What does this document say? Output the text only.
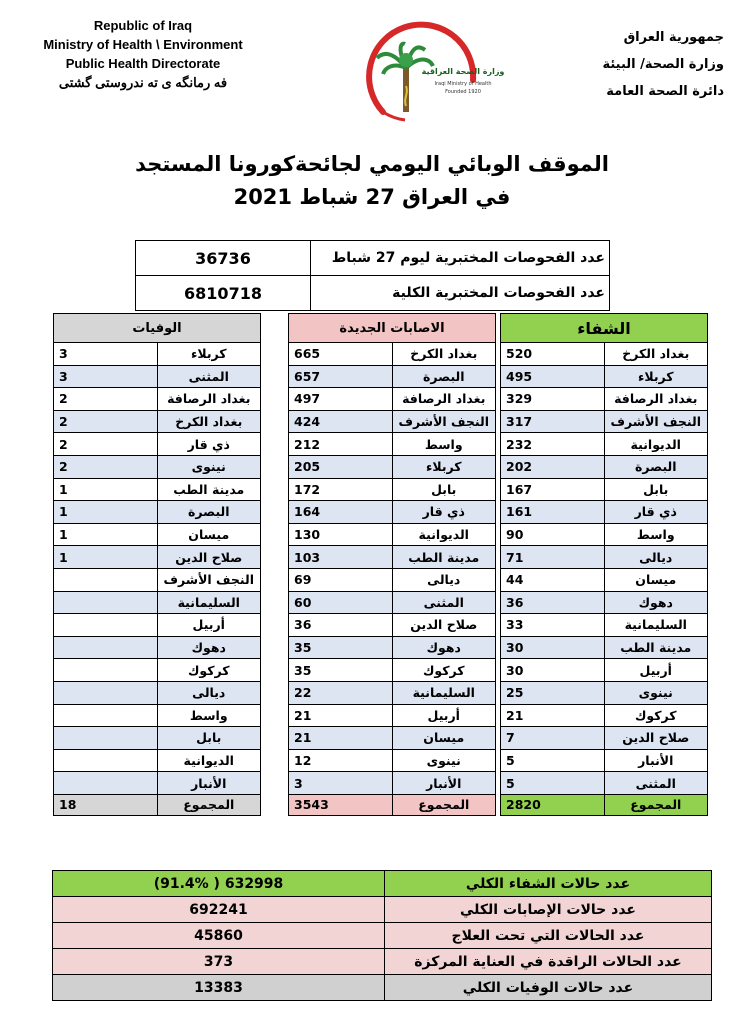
Republic of Iraq
Ministry of Health \ Environment
Public Health Directorate
فه رمانگه ی ته ندروستی گشتی
وزارة الصحة العراقية
Iraqi Ministry of Health
Founded 1920
جمهورية العراق
وزارة الصحة/ البيئة
دائرة الصحة العامة
الموقف الوبائي اليومي لجائحةكورونا المستجد
في العراق 27 شباط 2021
36736	عدد الفحوصات المختبرية ليوم 27 شباط
6810718	عدد الفحوصات المختبرية الكلية
الوفيات	
3	كربلاء
3	المثنى
2	بغداد الرصافة
2	بغداد الكرخ
2	ذي قار
2	نينوى
1	مدينة الطب
1	البصرة
1	ميسان
1	صلاح الدين
	النجف الأشرف
	السليمانية
	أربيل
	دهوك
	كركوك
	ديالى
	واسط
	بابل
	الديوانية
	الأنبار
18	المجموع
الاصابات الجديدة	
665	بغداد الكرخ
657	البصرة
497	بغداد الرصافة
424	النجف الأشرف
212	واسط
205	كربلاء
172	بابل
164	ذي قار
130	الديوانية
103	مدينة الطب
69	ديالى
60	المثنى
36	صلاح الدين
35	دهوك
35	كركوك
22	السليمانية
21	أربيل
21	ميسان
12	نينوى
3	الأنبار
3543	المجموع
الشفاء	
520	بغداد الكرخ
495	كربلاء
329	بغداد الرصافة
317	النجف الأشرف
232	الديوانية
202	البصرة
167	بابل
161	ذي قار
90	واسط
71	ديالى
44	ميسان
36	دهوك
33	السليمانية
30	مدينة الطب
30	أربيل
25	نينوى
21	كركوك
7	صلاح الدين
5	الأنبار
5	المثنى
2820	المجموع
(91.4% ) 632998	عدد حالات الشفاء الكلي
692241	عدد حالات الإصابات الكلي
45860	عدد الحالات التي تحت العلاج
373	عدد الحالات الراقدة في العناية المركزة
13383	عدد حالات الوفيات الكلي
